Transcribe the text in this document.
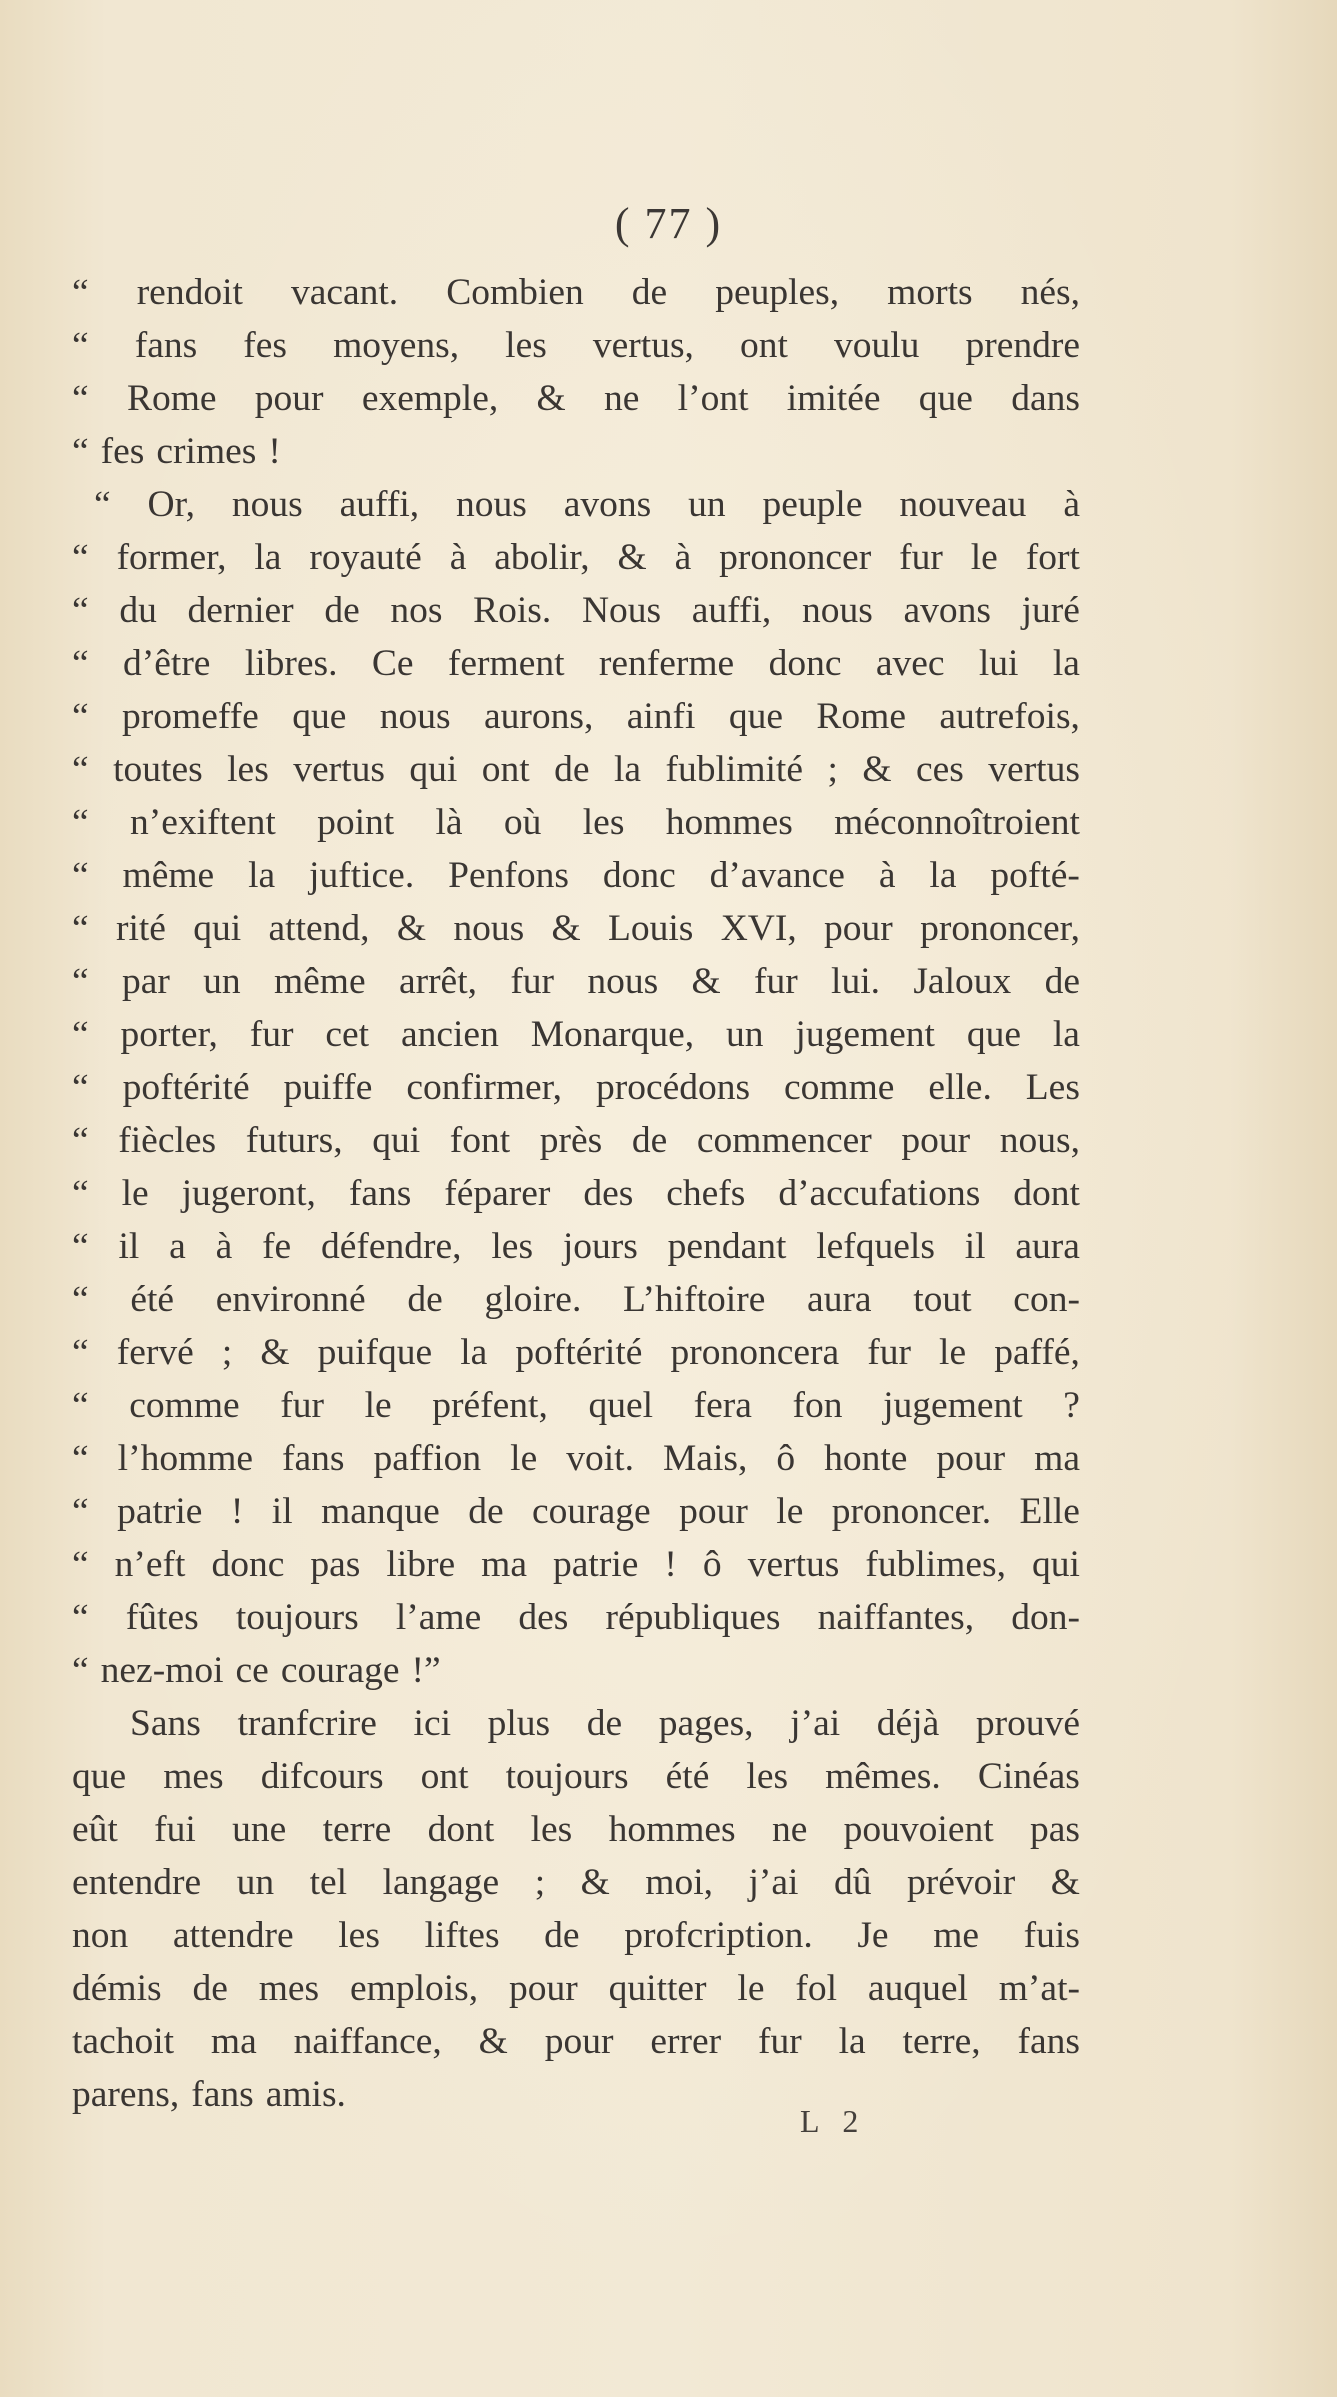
( 77 )
“ rendoit vacant. Combien de peuples, morts nés,
“ fans fes moyens, les vertus, ont voulu prendre
“ Rome pour exemple, & ne l’ont imitée que dans
“ fes crimes !
“ Or, nous auffi, nous avons un peuple nouveau à
“ former, la royauté à abolir, & à prononcer fur le fort
“ du dernier de nos Rois. Nous auffi, nous avons juré
“ d’être libres. Ce ferment renferme donc avec lui la
“ promeffe que nous aurons, ainfi que Rome autrefois,
“ toutes les vertus qui ont de la fublimité ; & ces vertus
“ n’exiftent point là où les hommes méconnoîtroient
“ même la juftice. Penfons donc d’avance à la pofté-
“ rité qui attend, & nous & Louis XVI, pour prononcer,
“ par un même arrêt, fur nous & fur lui. Jaloux de
“ porter, fur cet ancien Monarque, un jugement que la
“ poftérité puiffe confirmer, procédons comme elle. Les
“ fiècles futurs, qui font près de commencer pour nous,
“ le jugeront, fans féparer des chefs d’accufations dont
“ il a à fe défendre, les jours pendant lefquels il aura
“ été environné de gloire. L’hiftoire aura tout con-
“ fervé ; & puifque la poftérité prononcera fur le paffé,
“ comme fur le préfent, quel fera fon jugement ?
“ l’homme fans paffion le voit. Mais, ô honte pour ma
“ patrie ! il manque de courage pour le prononcer. Elle
“ n’eft donc pas libre ma patrie ! ô vertus fublimes, qui
“ fûtes toujours l’ame des républiques naiffantes, don-
“ nez-moi ce courage !”
Sans tranfcrire ici plus de pages, j’ai déjà prouvé
que mes difcours ont toujours été les mêmes. Cinéas
eût fui une terre dont les hommes ne pouvoient pas
entendre un tel langage ; & moi, j’ai dû prévoir &
non attendre les liftes de profcription. Je me fuis
démis de mes emplois, pour quitter le fol auquel m’at-
tachoit ma naiffance, & pour errer fur la terre, fans
parens, fans amis.
L 2
